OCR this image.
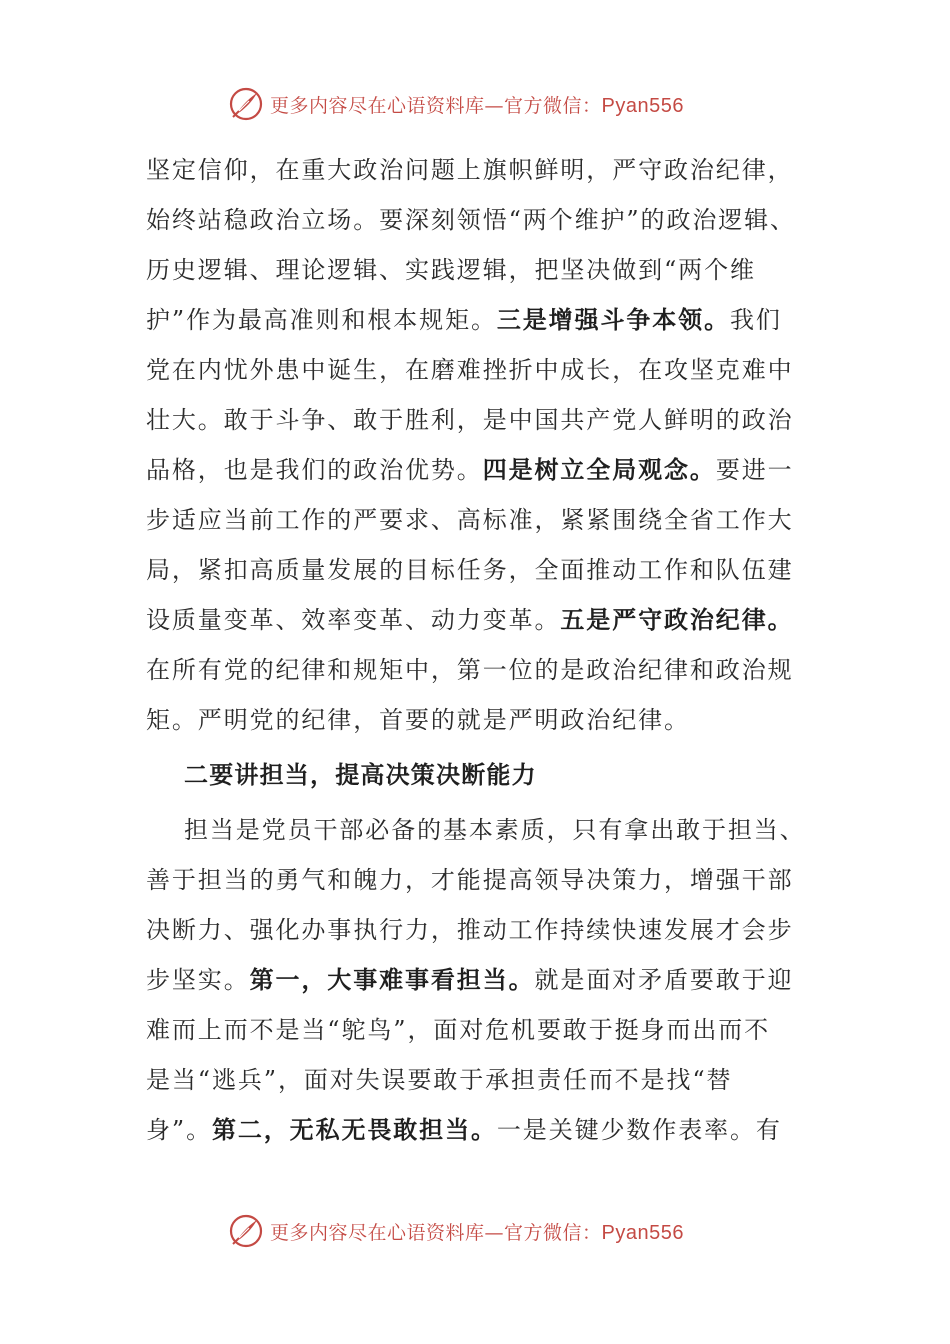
更多内容尽在心语资料库—官方微信：Pyan556
坚定信仰，在重大政治问题上旗帜鲜明，严守政治纪律，
始终站稳政治立场。要深刻领悟“两个维护”的政治逻辑、
历史逻辑、理论逻辑、实践逻辑，把坚决做到“两个维
护”作为最高准则和根本规矩。三是增强斗争本领。我们
党在内忧外患中诞生，在磨难挫折中成长，在攻坚克难中
壮大。敢于斗争、敢于胜利，是中国共产党人鲜明的政治
品格，也是我们的政治优势。四是树立全局观念。要进一
步适应当前工作的严要求、高标准，紧紧围绕全省工作大
局，紧扣高质量发展的目标任务，全面推动工作和队伍建
设质量变革、效率变革、动力变革。五是严守政治纪律。
在所有党的纪律和规矩中，第一位的是政治纪律和政治规
矩。严明党的纪律，首要的就是严明政治纪律。
二要讲担当，提高决策决断能力
担当是党员干部必备的基本素质，只有拿出敢于担当、
善于担当的勇气和魄力，才能提高领导决策力，增强干部
决断力、强化办事执行力，推动工作持续快速发展才会步
步坚实。第一，大事难事看担当。就是面对矛盾要敢于迎
难而上而不是当“鸵鸟”，面对危机要敢于挺身而出而不
是当“逃兵”，面对失误要敢于承担责任而不是找“替
身”。第二，无私无畏敢担当。一是关键少数作表率。有
更多内容尽在心语资料库—官方微信：Pyan556
